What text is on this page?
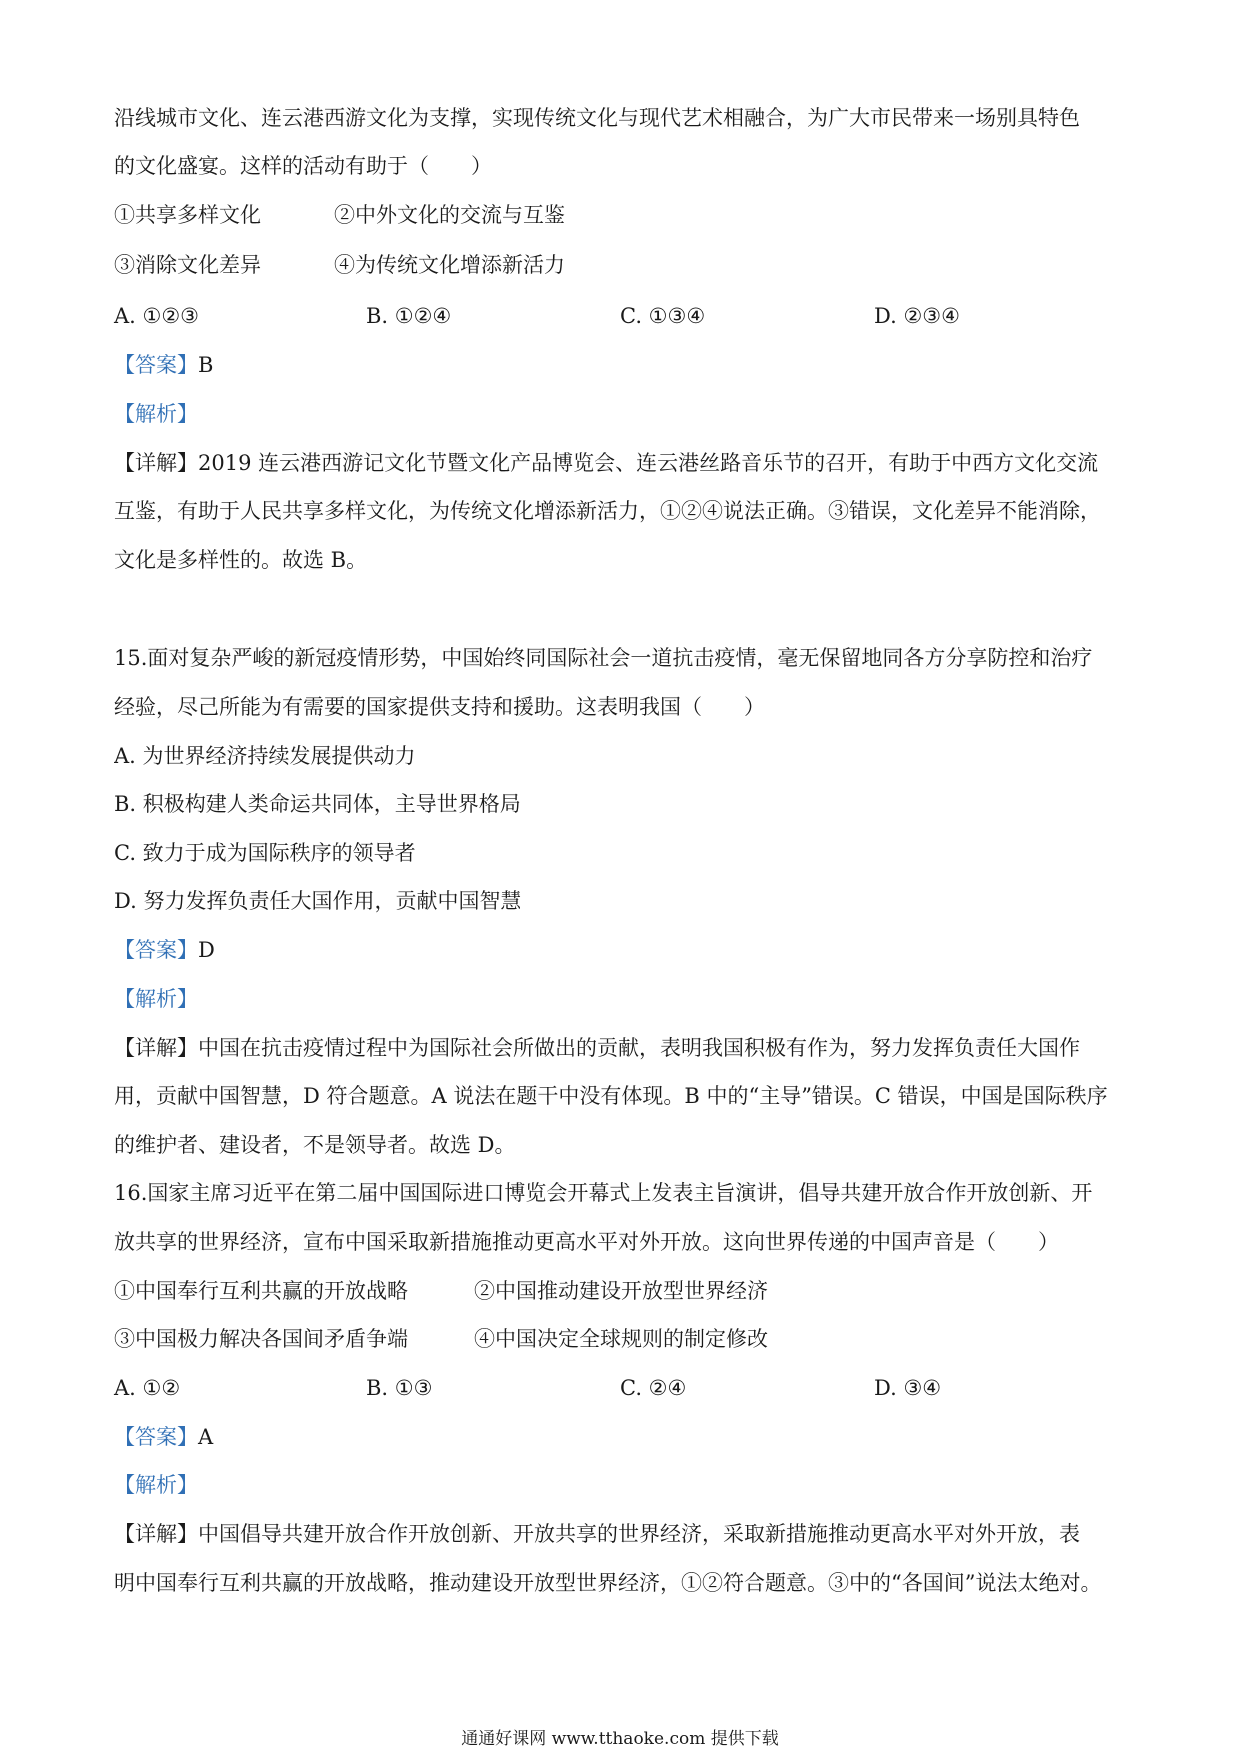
沿线城市文化、连云港西游文化为支撑，实现传统文化与现代艺术相融合，为广大市民带来一场别具特色
的文化盛宴。这样的活动有助于（　　）
①共享多样文化	②中外文化的交流与互鉴
③消除文化差异	④为传统文化增添新活力
A. ①②③	B. ①②④	C. ①③④	D. ②③④
【答案】B
【解析】
【详解】2019 连云港西游记文化节暨文化产品博览会、连云港丝路音乐节的召开，有助于中西方文化交流
互鉴，有助于人民共享多样文化，为传统文化增添新活力，①②④说法正确。③错误，文化差异不能消除，
文化是多样性的。故选 B。
15.面对复杂严峻的新冠疫情形势，中国始终同国际社会一道抗击疫情，毫无保留地同各方分享防控和治疗
经验，尽己所能为有需要的国家提供支持和援助。这表明我国（　　）
A. 为世界经济持续发展提供动力
B. 积极构建人类命运共同体，主导世界格局
C. 致力于成为国际秩序的领导者
D. 努力发挥负责任大国作用，贡献中国智慧
【答案】D
【解析】
【详解】中国在抗击疫情过程中为国际社会所做出的贡献，表明我国积极有作为，努力发挥负责任大国作
用，贡献中国智慧，D 符合题意。A 说法在题干中没有体现。B 中的“主导”错误。C 错误，中国是国际秩序
的维护者、建设者，不是领导者。故选 D。
16.国家主席习近平在第二届中国国际进口博览会开幕式上发表主旨演讲，倡导共建开放合作开放创新、开
放共享的世界经济，宣布中国采取新措施推动更高水平对外开放。这向世界传递的中国声音是（　　）
①中国奉行互利共赢的开放战略	②中国推动建设开放型世界经济
③中国极力解决各国间矛盾争端	④中国决定全球规则的制定修改
A. ①②	B. ①③	C. ②④	D. ③④
【答案】A
【解析】
【详解】中国倡导共建开放合作开放创新、开放共享的世界经济，采取新措施推动更高水平对外开放，表
明中国奉行互利共赢的开放战略，推动建设开放型世界经济，①②符合题意。③中的“各国间”说法太绝对。
通通好课网 www.tthaoke.com 提供下载
